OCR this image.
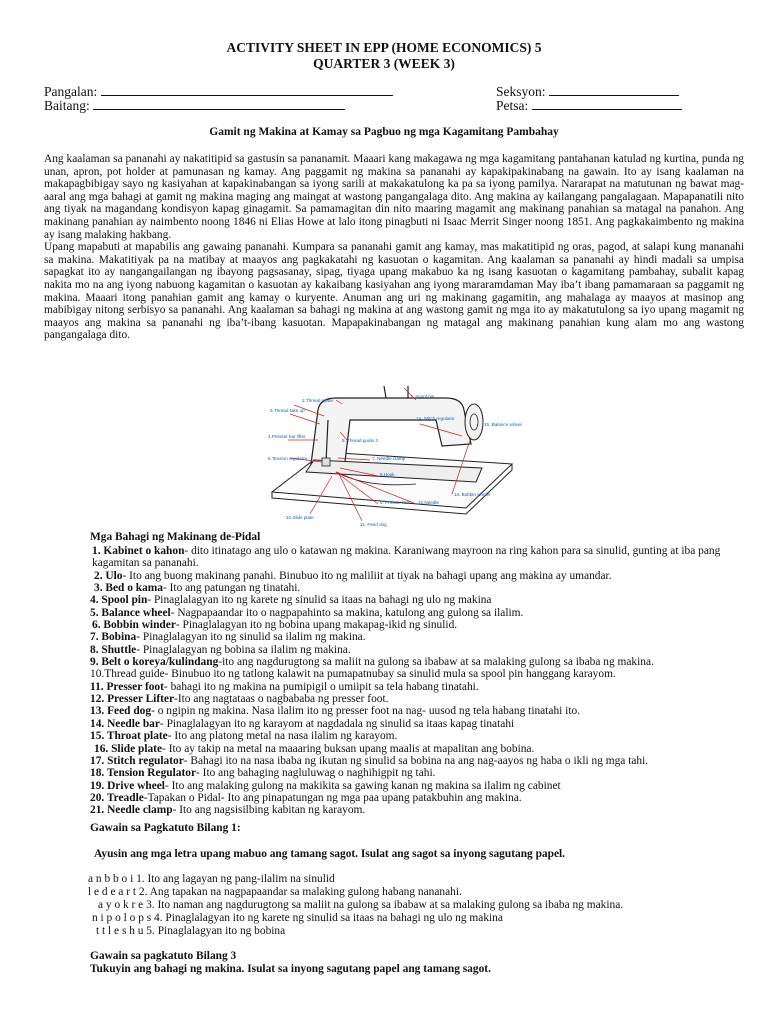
ACTIVITY SHEET IN EPP (HOME ECONOMICS) 5
QUARTER 3 (WEEK 3)
Pangalan:	Seksyon:
Baitang:	Petsa:
Gamit ng Makina at Kamay sa Pagbuo ng mga Kagamitang Pambahay

Ang kaalaman sa pananahi ay nakatitipid sa gastusin sa pananamit. Maaari kang makagawa ng mga kagamitang pantahanan katulad ng kurtina, punda ng unan, apron, pot holder at pamunasan ng kamay. Ang paggamit ng makina sa pananahi ay kapakipakinabang na gawain. Ito ay isang kaalaman na makapagbibigay sayo ng kasiyahan at kapakinabangan sa iyong sarili at makakatulong ka pa sa iyong pamilya. Nararapat na matutunan ng bawat mag-aaral ang mga bahagi at gamit ng makina maging ang maingat at wastong pangangalaga dito. Ang makina ay kailangang pangalagaan. Mapapanatili nito ang tiyak na magandang kondisyon kapag ginagamit. Sa pamamagitan din nito maaring magamit ang makinang panahian sa matagal na panahon. Ang makinang panahian ay naimbento noong 1846 ni Elias Howe at lalo itong pinagbuti ni Isaac Merrit Singer noong 1851. Ang pagkakaimbento ng makina ay isang malaking hakbang.

Upang mapabuti at mapabilis ang gawaing pananahi. Kumpara sa pananahi gamit ang kamay, mas makatitipid ng oras, pagod, at salapi kung mananahi sa makina. Makatitiyak pa na matibay at maayos ang pagkakatahi ng kasuotan o kagamitan. Ang kaalaman sa pananahi ay hindi madali sa umpisa sapagkat ito ay nangangailangan ng ibayong pagsasanay, sipag, tiyaga upang makabuo ka ng isang kasuotan o kagamitang pambahay, subalit kapag nakita mo na ang iyong nabuong kagamitan o kasuotan ay kakaibang kasiyahan ang iyong mararamdaman May iba’t ibang pamamaraan sa paggamit ng makina. Maaari itong panahian gamit ang kamay o kuryente. Anuman ang uri ng makinang gagamitin, ang mahalaga ay maayos at masinop ang mabibigay nitong serbisyo sa pananahi. Ang kaalaman sa bahagi ng makina at ang wastong gamit ng mga ito ay makatutulong sa iyo upang magamit ng maayos ang makina sa pananahi ng iba’t-ibang kasuotan. Mapapakinabangan ng matagal ang makinang panahian kung alam mo ang wastong pangangalaga dito.

1. Spool pin
2.Thread guide
3.Thread take up
4.Presser bar lifter
5. Thread guide 3
6.Tension regulator	7. Needle clamp
8.Hook
9. Presser foot
10.Slide plate
11. Feed dog
12.Needle
13. Bobbin winder
14. Stitch regulator
15. Balance wheel
Mga Bahagi ng Makinang de-Pidal
1. Kabinet o kahon- dito itinatago ang ulo o katawan ng makina. Karaniwang mayroon na ring kahon para sa sinulid, gunting at iba pang kagamitan sa pananahi.
2. Ulo- Ito ang buong makinang panahi. Binubuo ito ng maliliit at tiyak na bahagi upang ang makina ay umandar.
3. Bed o kama- Ito ang patungan ng tinatahi.
4. Spool pin- Pinaglalagyan ito ng karete ng sinulid sa itaas na bahagi ng ulo ng makina
5. Balance wheel- Nagpapaandar ito o nagpapahinto sa makina, katulong ang gulong sa ilalim.
6. Bobbin winder- Pinaglalagyan ito ng bobina upang makapag-ikid ng sinulid.
7. Bobina- Pinaglalagyan ito ng sinulid sa ilalim ng makina.
8. Shuttle- Pinaglalagyan ng bobina sa ilalim ng makina.
9. Belt o koreya/kulindang-ito ang nagdurugtong sa maliit na gulong sa ibabaw at sa malaking gulong sa ibaba ng makina.
10.Thread guide- Binubuo ito ng tatlong kalawit na pumapatnubay sa sinulid mula sa spool pin hanggang karayom.
11. Presser foot- bahagi ito ng makina na pumipigil o umiipit sa tela habang tinatahi.
12. Presser Lifter-Ito ang nagtataas o nagbababa ng presser foot.
13. Feed dog- o ngipin ng makina. Nasa ilalim ito ng presser foot na nag- uusod ng tela habang tinatahi ito.
14. Needle bar- Pinaglalagyan ito ng karayom at nagdadala ng sinulid sa itaas kapag tinatahi
15. Throat plate- Ito ang platong metal na nasa ilalim ng karayom.
16. Slide plate- Ito ay takip na metal na maaaring buksan upang maalis at mapalitan ang bobina.
17. Stitch regulator- Bahagi ito na nasa ibaba ng ikutan ng sinulid sa bobina na ang nag-aayos ng haba o ikli ng mga tahi.
18. Tension Regulator- Ito ang bahaging nagluluwag o naghihigpit ng tahi.
19. Drive wheel- Ito ang malaking gulong na makikita sa gawing kanan ng makina sa ilalim ng cabinet
20. Treadle-Tapakan o Pidal- Ito ang pinapatungan ng mga paa upang patakbuhin ang makina.
21. Needle clamp- Ito ang nagsisilbing kabitan ng karayom.
Gawain sa Pagkatuto Bilang 1:
Ayusin ang mga letra upang mabuo ang tamang sagot. Isulat ang sagot sa inyong sagutang papel.
a n b b o i 1. Ito ang lagayan ng pang-ilalim na sinulid
l e d e a r t 2. Ang tapakan na nagpapaandar sa malaking gulong habang nananahi.
a y o k r e 3. Ito naman ang nagdurugtong sa maliit na gulong sa ibabaw at sa malaking gulong sa ibaba ng makina.
n i p o l o p s 4. Pinaglalagyan ito ng karete ng sinulid sa itaas na bahagi ng ulo ng makina
t t l e s h u 5. Pinaglalagyan ito ng bobina
Gawain sa pagkatuto Bilang 3
Tukuyin ang bahagi ng makina. Isulat sa inyong sagutang papel ang tamang sagot.
